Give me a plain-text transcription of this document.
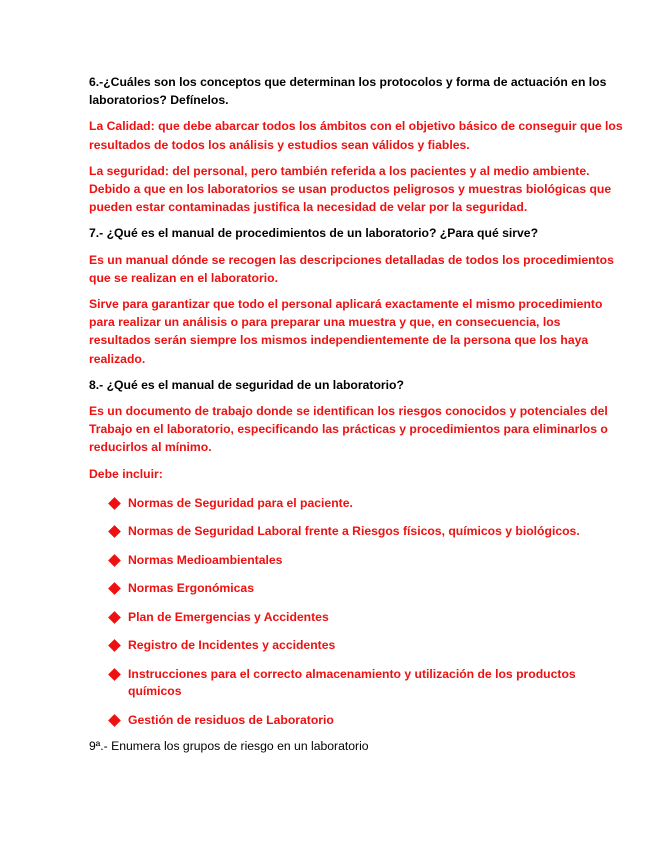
6.-¿Cuáles son los conceptos que determinan los protocolos y forma de actuación en los
laboratorios? Defínelos.

La Calidad: que debe abarcar todos los ámbitos con el objetivo básico de conseguir que los
resultados de todos los análisis y estudios sean válidos y fiables.

La seguridad: del personal, pero también referida a los pacientes y al medio ambiente.
Debido a que en los laboratorios se usan productos peligrosos y muestras biológicas que
pueden estar contaminadas justifica la necesidad de velar por la seguridad.

7.- ¿Qué es el manual de procedimientos de un laboratorio? ¿Para qué sirve?

Es un manual dónde se recogen las descripciones detalladas de todos los procedimientos
que se realizan en el laboratorio.

Sirve para garantizar que todo el personal aplicará exactamente el mismo procedimiento
para realizar un análisis o para preparar una muestra y que, en consecuencia, los
resultados serán siempre los mismos independientemente de la persona que los haya
realizado.

8.- ¿Qué es el manual de seguridad de un laboratorio?

Es un documento de trabajo donde se identifican los riesgos conocidos y potenciales del
Trabajo en el laboratorio, especificando las prácticas y procedimientos para eliminarlos o
reducirlos al mínimo.

Debe incluir:

Normas de Seguridad para el paciente.
Normas de Seguridad Laboral frente a Riesgos físicos, químicos y biológicos.
Normas Medioambientales
Normas Ergonómicas
Plan de Emergencias y Accidentes
Registro de Incidentes y accidentes
Instrucciones para el correcto almacenamiento y utilización de los productos
químicos
Gestión de residuos de Laboratorio

9ª.- Enumera los grupos de riesgo en un laboratorio
